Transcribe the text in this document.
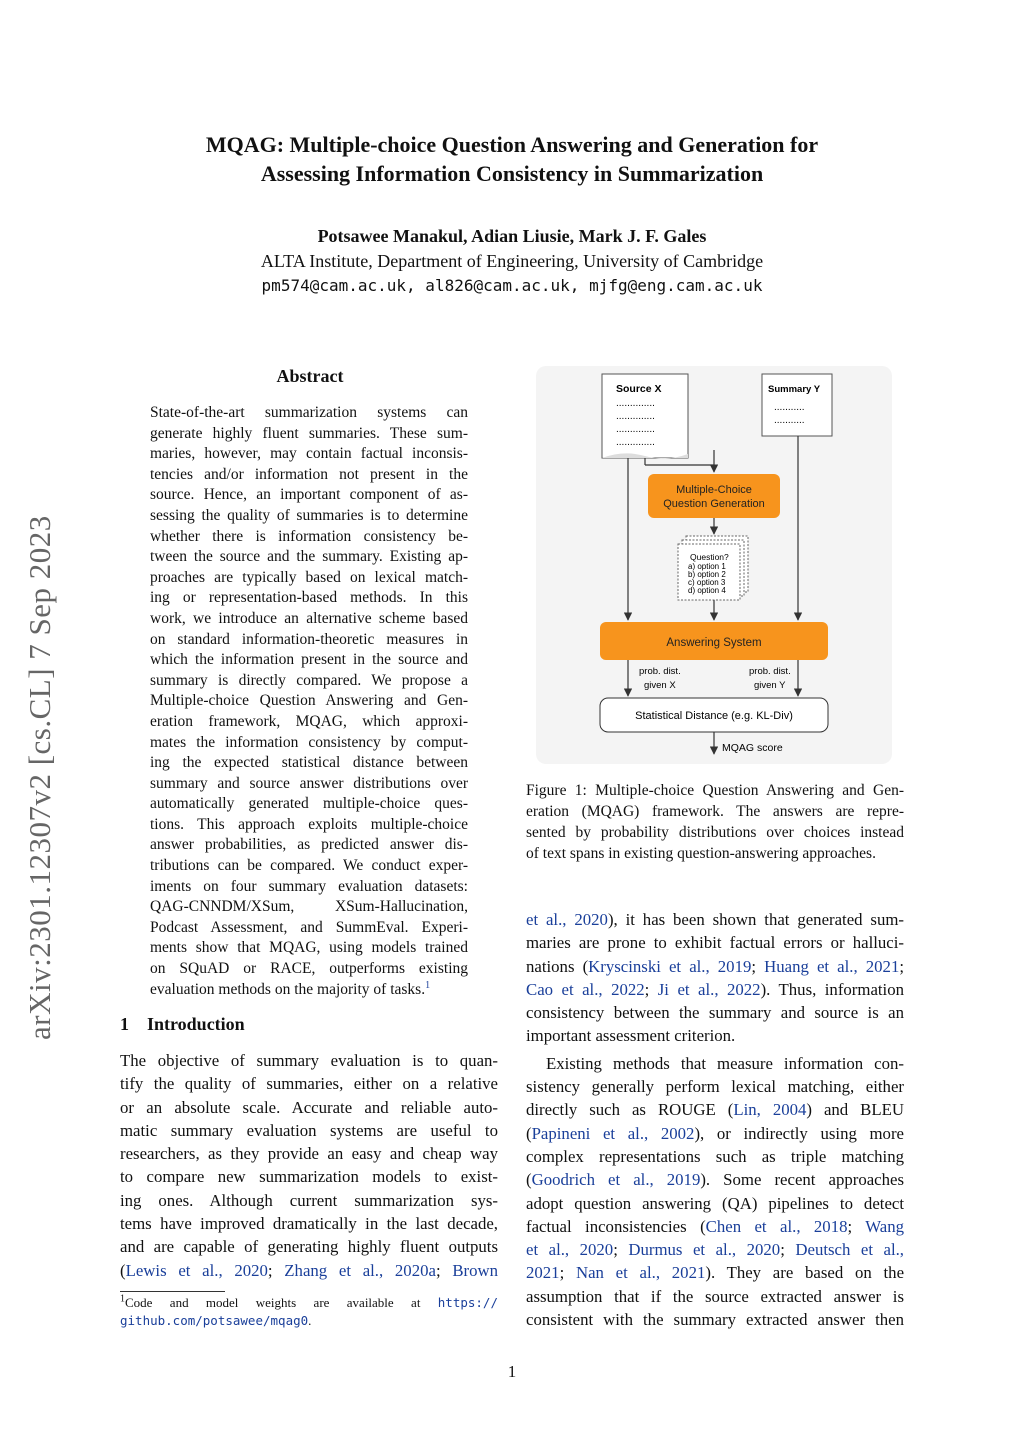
MQAG: Multiple-choice Question Answering and Generation for
Assessing Information Consistency in Summarization
Potsawee Manakul, Adian Liusie, Mark J. F. Gales
ALTA Institute, Department of Engineering, University of Cambridge
pm574@cam.ac.uk, al826@cam.ac.uk, mjfg@eng.cam.ac.uk
arXiv:2301.12307v2 [cs.CL] 7 Sep 2023
Abstract
State-of-the-art summarization systems can
generate highly fluent summaries. These sum-
maries, however, may contain factual inconsis-
tencies and/or information not present in the
source. Hence, an important component of as-
sessing the quality of summaries is to determine
whether there is information consistency be-
tween the source and the summary. Existing ap-
proaches are typically based on lexical match-
ing or representation-based methods. In this
work, we introduce an alternative scheme based
on standard information-theoretic measures in
which the information present in the source and
summary is directly compared. We propose a
Multiple-choice Question Answering and Gen-
eration framework, MQAG, which approxi-
mates the information consistency by comput-
ing the expected statistical distance between
summary and source answer distributions over
automatically generated multiple-choice ques-
tions. This approach exploits multiple-choice
answer probabilities, as predicted answer dis-
tributions can be compared. We conduct exper-
iments on four summary evaluation datasets:
QAG-CNNDM/XSum, XSum-Hallucination,
Podcast Assessment, and SummEval. Experi-
ments show that MQAG, using models trained
on SQuAD or RACE, outperforms existing
evaluation methods on the majority of tasks.$^1$
1 Introduction
The objective of summary evaluation is to quan-
tify the quality of summaries, either on a relative
or an absolute scale. Accurate and reliable auto-
matic summary evaluation systems are useful to
researchers, as they provide an easy and cheap way
to compare new summarization models to exist-
ing ones. Although current summarization sys-
tems have improved dramatically in the last decade,
and are capable of generating highly fluent outputs
(Lewis et al., 2020; Zhang et al., 2020a; Brown
$^1$Code and model weights are available at https://
github.com/potsawee/mqag0.
Source X
..............
..............
..............
..............
Summary Y
...........
...........
Multiple-Choice
Question Generation
Question?
a) option 1
b) option 2
c) option 3
d) option 4
Answering System
Statistical Distance (e.g. KL-Div)
prob. dist.
given X
prob. dist.
given Y
MQAG score
Figure 1: Multiple-choice Question Answering and Gen-
eration (MQAG) framework. The answers are repre-
sented by probability distributions over choices instead
of text spans in existing question-answering approaches.
et al., 2020), it has been shown that generated sum-
maries are prone to exhibit factual errors or halluci-
nations (Kryscinski et al., 2019; Huang et al., 2021;
Cao et al., 2022; Ji et al., 2022). Thus, information
consistency between the summary and source is an
important assessment criterion.
Existing methods that measure information con-
sistency generally perform lexical matching, either
directly such as ROUGE (Lin, 2004) and BLEU
(Papineni et al., 2002), or indirectly using more
complex representations such as triple matching
(Goodrich et al., 2019). Some recent approaches
adopt question answering (QA) pipelines to detect
factual inconsistencies (Chen et al., 2018; Wang
et al., 2020; Durmus et al., 2020; Deutsch et al.,
2021; Nan et al., 2021). They are based on the
assumption that if the source extracted answer is
consistent with the summary extracted answer then
1
